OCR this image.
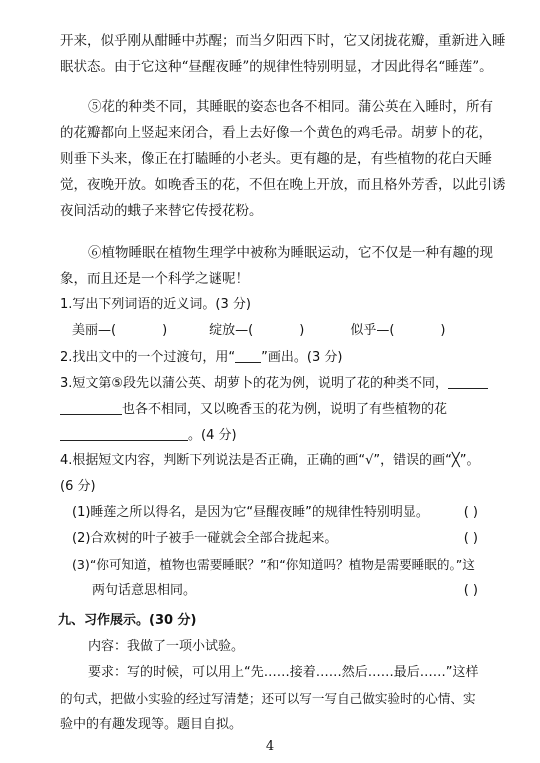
开来，似乎刚从酣睡中苏醒；而当夕阳西下时，它又闭拢花瓣，重新进入睡
眠状态。由于它这种“昼醒夜睡”的规律性特别明显，才因此得名“睡莲”。
⑤花的种类不同，其睡眠的姿态也各不相同。蒲公英在入睡时，所有
的花瓣都向上竖起来闭合，看上去好像一个黄色的鸡毛帚。胡萝卜的花，
则垂下头来，像正在打瞌睡的小老头。更有趣的是，有些植物的花白天睡
觉，夜晚开放。如晚香玉的花，不但在晚上开放，而且格外芳香，以此引诱
夜间活动的蛾子来替它传授花粉。
⑥植物睡眠在植物生理学中被称为睡眠运动，它不仅是一种有趣的现
象，而且还是一个科学之谜呢！
1.写出下列词语的近义词。(3 分)
美丽—(	)	绽放—(	)	似乎—(	)
2.找出文中的一个过渡句，用“ ”画出。(3 分)
3.短文第⑤段先以蒲公英、胡萝卜的花为例，说明了花的种类不同，
也各不相同，又以晚香玉的花为例，说明了有些植物的花
。(4 分)
4.根据短文内容，判断下列说法是否正确，正确的画“√”，错误的画“╳”。
(6 分)
(1)睡莲之所以得名，是因为它“昼醒夜睡”的规律性特别明显。	( )
(2)合欢树的叶子被手一碰就会全部合拢起来。	( )
(3)“你可知道，植物也需要睡眠？”和“你知道吗？植物是需要睡眠的。”这
两句话意思相同。	( )
九、习作展示。(30 分)
内容：我做了一项小试验。
要求：写的时候，可以用上“先……接着……然后……最后……”这样
的句式，把做小实验的经过写清楚；还可以写一写自己做实验时的心情、实
验中的有趣发现等。题目自拟。
4
